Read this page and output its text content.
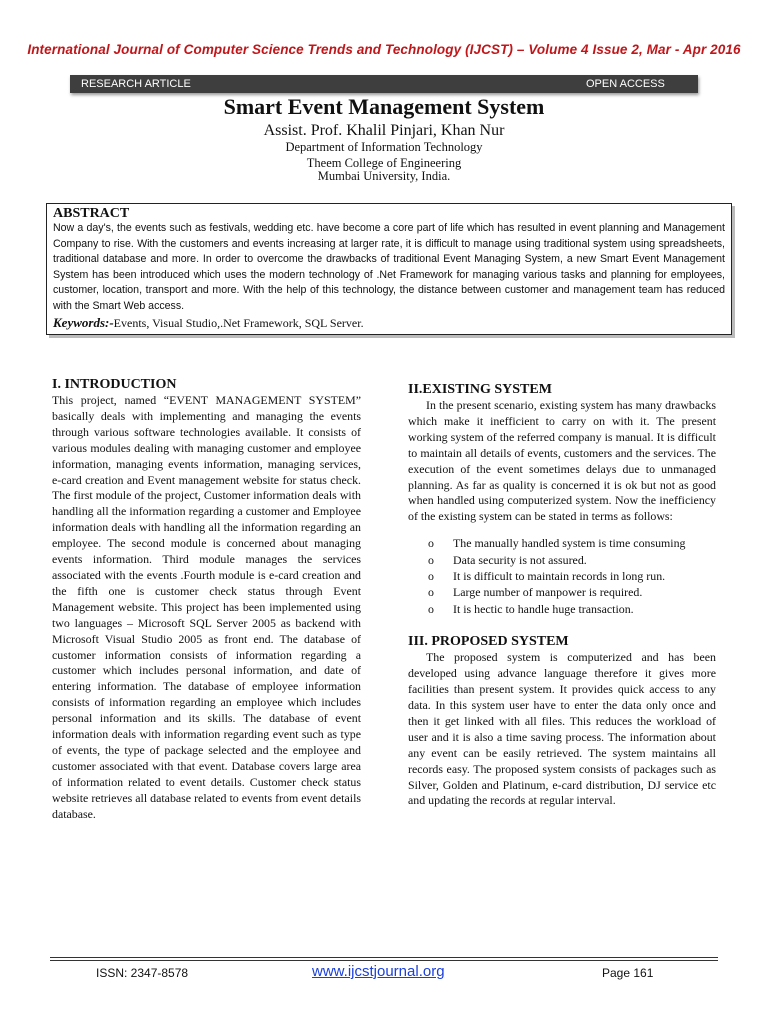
International Journal of Computer Science Trends and Technology (IJCST) – Volume 4 Issue 2, Mar - Apr 2016
RESEARCH ARTICLE	OPEN ACCESS
Smart Event Management System
Assist. Prof. Khalil Pinjari, Khan Nur
Department of Information Technology
Theem College of Engineering
Mumbai University, India.
ABSTRACT
Now a day's, the events such as festivals, wedding etc. have become a core part of life which has resulted in event planning and Management Company to rise. With the customers and events increasing at larger rate, it is difficult to manage using traditional system using spreadsheets, traditional database and more. In order to overcome the drawbacks of traditional Event Managing System, a new Smart Event Management System has been introduced which uses the modern technology of .Net Framework for managing various tasks and planning for employees, customer, location, transport and more. With the help of this technology, the distance between customer and management team has reduced with the Smart Web access.
Keywords:-Events, Visual Studio,.Net Framework, SQL Server.
I. INTRODUCTION

This project, named “EVENT MANAGEMENT SYSTEM” basically deals with implementing and managing the events through various software technologies available. It consists of various modules dealing with managing customer and employee information, managing events information, managing services, e-card creation and Event management website for status check. The first module of the project, Customer information deals with handling all the information regarding a customer and Employee information deals with handling all the information regarding an employee. The second module is concerned about managing events information. Third module manages the services associated with the events .Fourth module is e-card creation and the fifth one is customer check status through Event Management website. This project has been implemented using two languages – Microsoft SQL Server 2005 as backend with Microsoft Visual Studio 2005 as front end. The database of customer information consists of information regarding a customer which includes personal information, and date of entering information. The database of employee information consists of information regarding an employee which includes personal information and its skills. The database of event information deals with information regarding event such as type of events, the type of package selected and the employee and customer associated with that event. Database covers large area of information related to event details. Customer check status website retrieves all database related to events from event details database.

II.EXISTING SYSTEM

In the present scenario, existing system has many drawbacks which make it inefficient to carry on with it. The present working system of the referred company is manual. It is difficult to maintain all details of events, customers and the services. The execution of the event sometimes delays due to unmanaged planning. As far as quality is concerned it is ok but not as good when handled using computerized system. Now the inefficiency of the existing system can be stated in terms as follows:

o The manually handled system is time consuming
o Data security is not assured.
o It is difficult to maintain records in long run.
o Large number of manpower is required.
o It is hectic to handle huge transaction.
III. PROPOSED SYSTEM

The proposed system is computerized and has been developed using advance language therefore it gives more facilities than present system. It provides quick access to any data. In this system user have to enter the data only once and then it get linked with all files. This reduces the workload of user and it is also a time saving process. The information about any event can be easily retrieved. The system maintains all records easy. The proposed system consists of packages such as Silver, Golden and Platinum, e-card distribution, DJ service etc and updating the records at regular interval.

ISSN: 2347-8578	www.ijcstjournal.org	Page 161
